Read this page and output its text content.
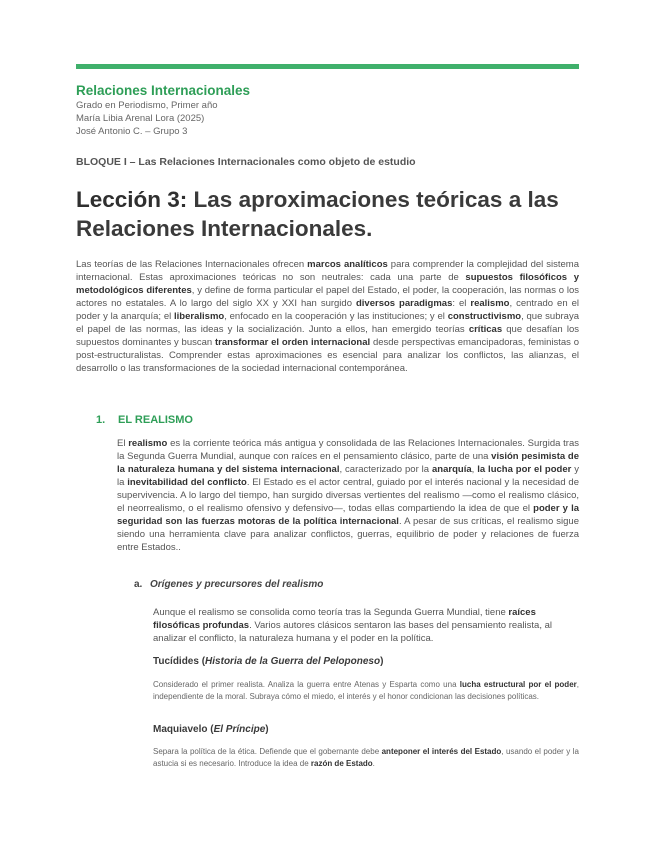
Relaciones Internacionales
Grado en Periodismo, Primer año
María Libia Arenal Lora (2025)
José Antonio C. – Grupo 3
BLOQUE I – Las Relaciones Internacionales como objeto de estudio
Lección 3: Las aproximaciones teóricas a las Relaciones Internacionales.

Las teorías de las Relaciones Internacionales ofrecen marcos analíticos para comprender la complejidad del sistema internacional. Estas aproximaciones teóricas no son neutrales: cada una parte de supuestos filosóficos y metodológicos diferentes, y define de forma particular el papel del Estado, el poder, la cooperación, las normas o los actores no estatales. A lo largo del siglo XX y XXI han surgido diversos paradigmas: el realismo, centrado en el poder y la anarquía; el liberalismo, enfocado en la cooperación y las instituciones; y el constructivismo, que subraya el papel de las normas, las ideas y la socialización. Junto a ellos, han emergido teorías críticas que desafían los supuestos dominantes y buscan transformar el orden internacional desde perspectivas emancipadoras, feministas o post-estructuralistas. Comprender estas aproximaciones es esencial para analizar los conflictos, las alianzas, el desarrollo o las transformaciones de la sociedad internacional contemporánea.

1. EL REALISMO

El realismo es la corriente teórica más antigua y consolidada de las Relaciones Internacionales. Surgida tras la Segunda Guerra Mundial, aunque con raíces en el pensamiento clásico, parte de una visión pesimista de la naturaleza humana y del sistema internacional, caracterizado por la anarquía, la lucha por el poder y la inevitabilidad del conflicto. El Estado es el actor central, guiado por el interés nacional y la necesidad de supervivencia. A lo largo del tiempo, han surgido diversas vertientes del realismo —como el realismo clásico, el neorrealismo, o el realismo ofensivo y defensivo—, todas ellas compartiendo la idea de que el poder y la seguridad son las fuerzas motoras de la política internacional. A pesar de sus críticas, el realismo sigue siendo una herramienta clave para analizar conflictos, guerras, equilibrio de poder y relaciones de fuerza entre Estados..

a. Orígenes y precursores del realismo

Aunque el realismo se consolida como teoría tras la Segunda Guerra Mundial, tiene raíces filosóficas profundas. Varios autores clásicos sentaron las bases del pensamiento realista, al analizar el conflicto, la naturaleza humana y el poder en la política.

Tucídides (Historia de la Guerra del Peloponeso)

Considerado el primer realista. Analiza la guerra entre Atenas y Esparta como una lucha estructural por el poder, independiente de la moral. Subraya cómo el miedo, el interés y el honor condicionan las decisiones políticas.

Maquiavelo (El Príncipe)

Separa la política de la ética. Defiende que el gobernante debe anteponer el interés del Estado, usando el poder y la astucia si es necesario. Introduce la idea de razón de Estado.
